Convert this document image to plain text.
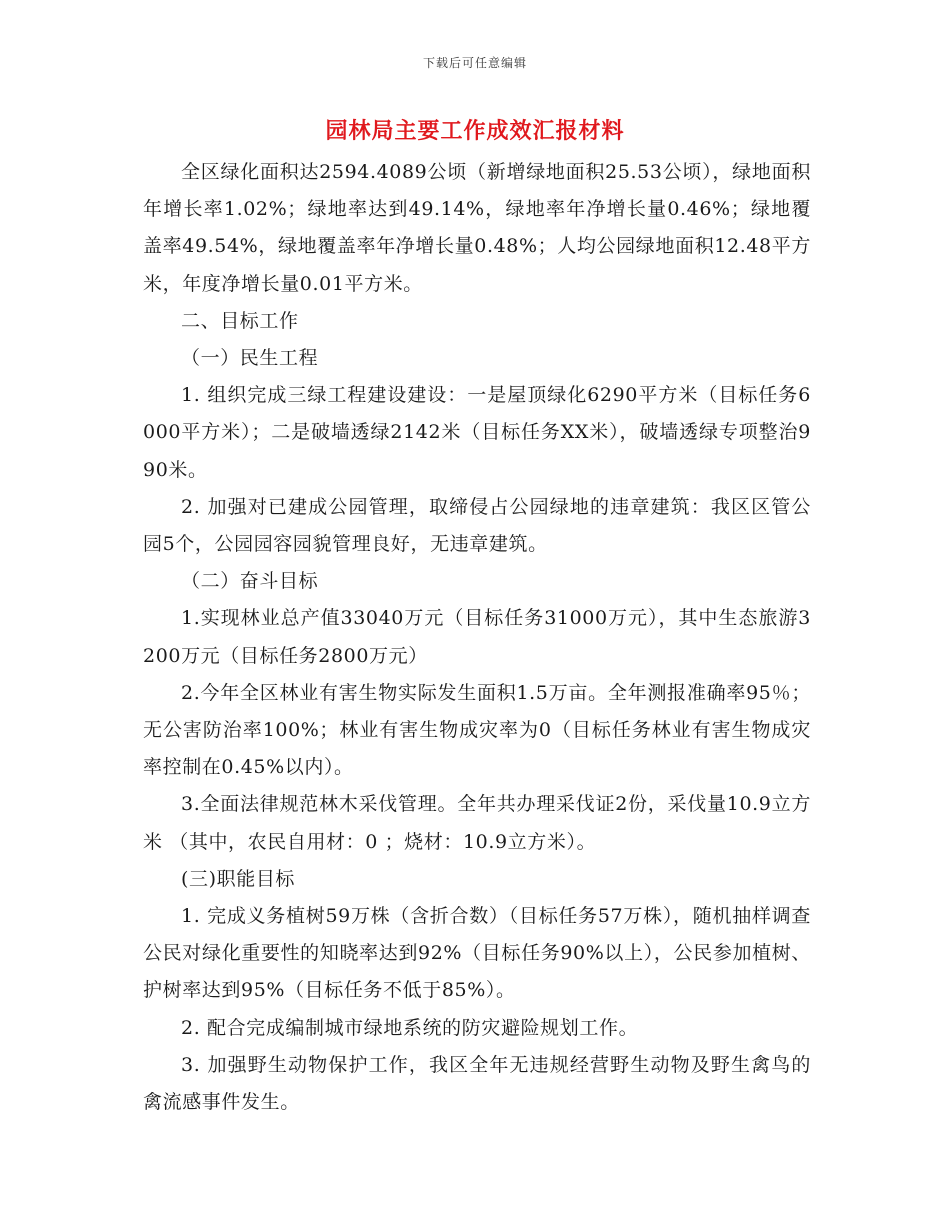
下载后可任意编辑
园林局主要工作成效汇报材料

全区绿化面积达2594.4089公顷（新增绿地面积25.53公顷），绿地面积年增长率1.02%；绿地率达到49.14%，绿地率年净增长量0.46%；绿地覆盖率49.54%，绿地覆盖率年净增长量0.48%；人均公园绿地面积12.48平方米，年度净增长量0.01平方米。

二、目标工作

（一）民生工程

1. 组织完成三绿工程建设建设：一是屋顶绿化6290平方米（目标任务6000平方米）；二是破墙透绿2142米（目标任务XX米），破墙透绿专项整治990米。

2. 加强对已建成公园管理，取缔侵占公园绿地的违章建筑：我区区管公园5个，公园园容园貌管理良好，无违章建筑。

（二）奋斗目标

1.实现林业总产值33040万元（目标任务31000万元），其中生态旅游3200万元（目标任务2800万元）

2.今年全区林业有害生物实际发生面积1.5万亩。全年测报准确率95％；无公害防治率100%；林业有害生物成灾率为0（目标任务林业有害生物成灾率控制在0.45%以内）。

3.全面法律规范林木采伐管理。全年共办理采伐证2份，采伐量10.9立方米 （其中，农民自用材：0 ；烧材：10.9立方米）。

(三)职能目标

1. 完成义务植树59万株（含折合数）（目标任务57万株），随机抽样调查公民对绿化重要性的知晓率达到92%（目标任务90%以上），公民参加植树、护树率达到95%（目标任务不低于85%）。

2. 配合完成编制城市绿地系统的防灾避险规划工作。

3. 加强野生动物保护工作，我区全年无违规经营野生动物及野生禽鸟的禽流感事件发生。
